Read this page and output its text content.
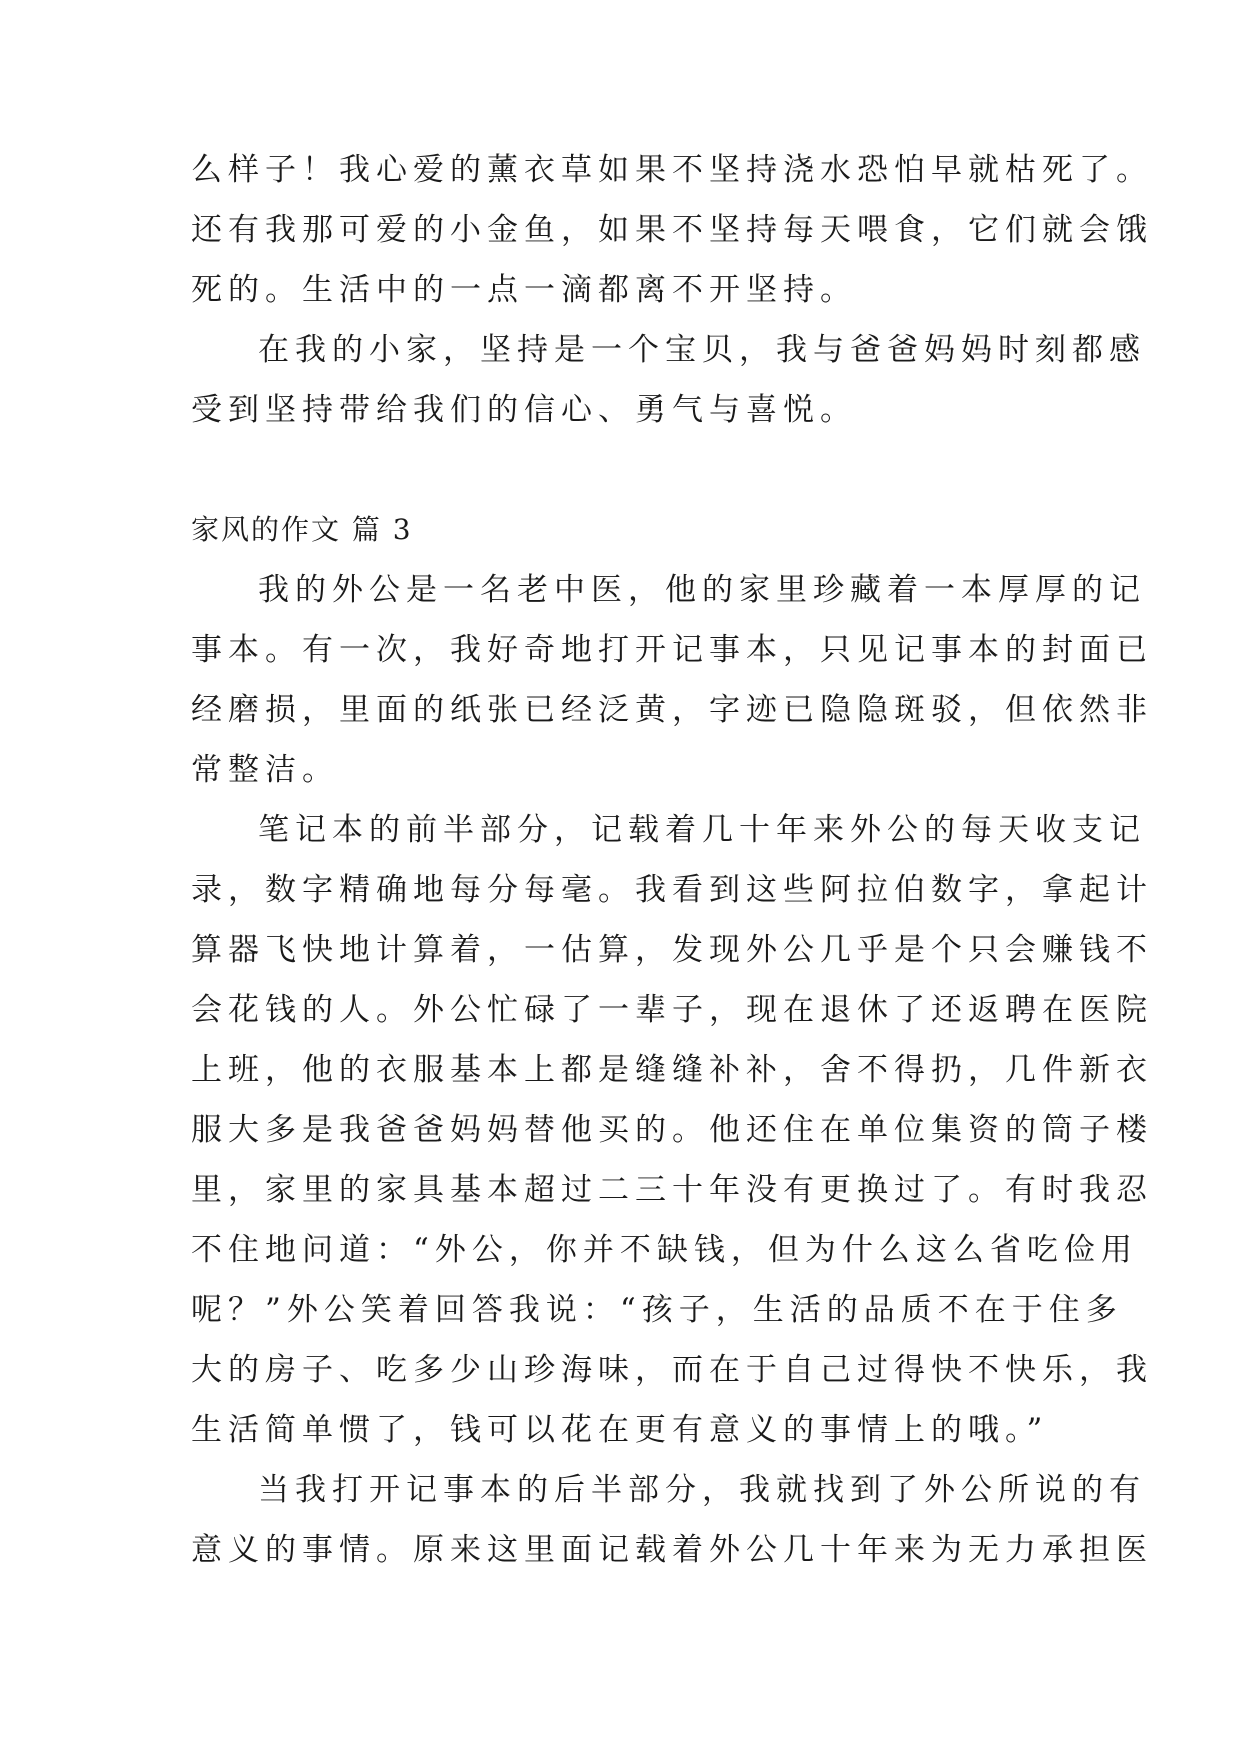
么样子！我心爱的薰衣草如果不坚持浇水恐怕早就枯死了。

还有我那可爱的小金鱼，如果不坚持每天喂食，它们就会饿

死的。生活中的一点一滴都离不开坚持。

在我的小家，坚持是一个宝贝，我与爸爸妈妈时刻都感

受到坚持带给我们的信心、勇气与喜悦。

家风的作文 篇 3

我的外公是一名老中医，他的家里珍藏着一本厚厚的记

事本。有一次，我好奇地打开记事本，只见记事本的封面已

经磨损，里面的纸张已经泛黄，字迹已隐隐斑驳，但依然非

常整洁。

笔记本的前半部分，记载着几十年来外公的每天收支记

录，数字精确地每分每毫。我看到这些阿拉伯数字，拿起计

算器飞快地计算着，一估算，发现外公几乎是个只会赚钱不

会花钱的人。外公忙碌了一辈子，现在退休了还返聘在医院

上班，他的衣服基本上都是缝缝补补，舍不得扔，几件新衣

服大多是我爸爸妈妈替他买的。他还住在单位集资的筒子楼

里，家里的家具基本超过二三十年没有更换过了。有时我忍

不住地问道：“外公，你并不缺钱，但为什么这么省吃俭用

呢？”外公笑着回答我说：“孩子，生活的品质不在于住多

大的房子、吃多少山珍海味，而在于自己过得快不快乐，我

生活简单惯了，钱可以花在更有意义的事情上的哦。”

当我打开记事本的后半部分，我就找到了外公所说的有

意义的事情。原来这里面记载着外公几十年来为无力承担医
